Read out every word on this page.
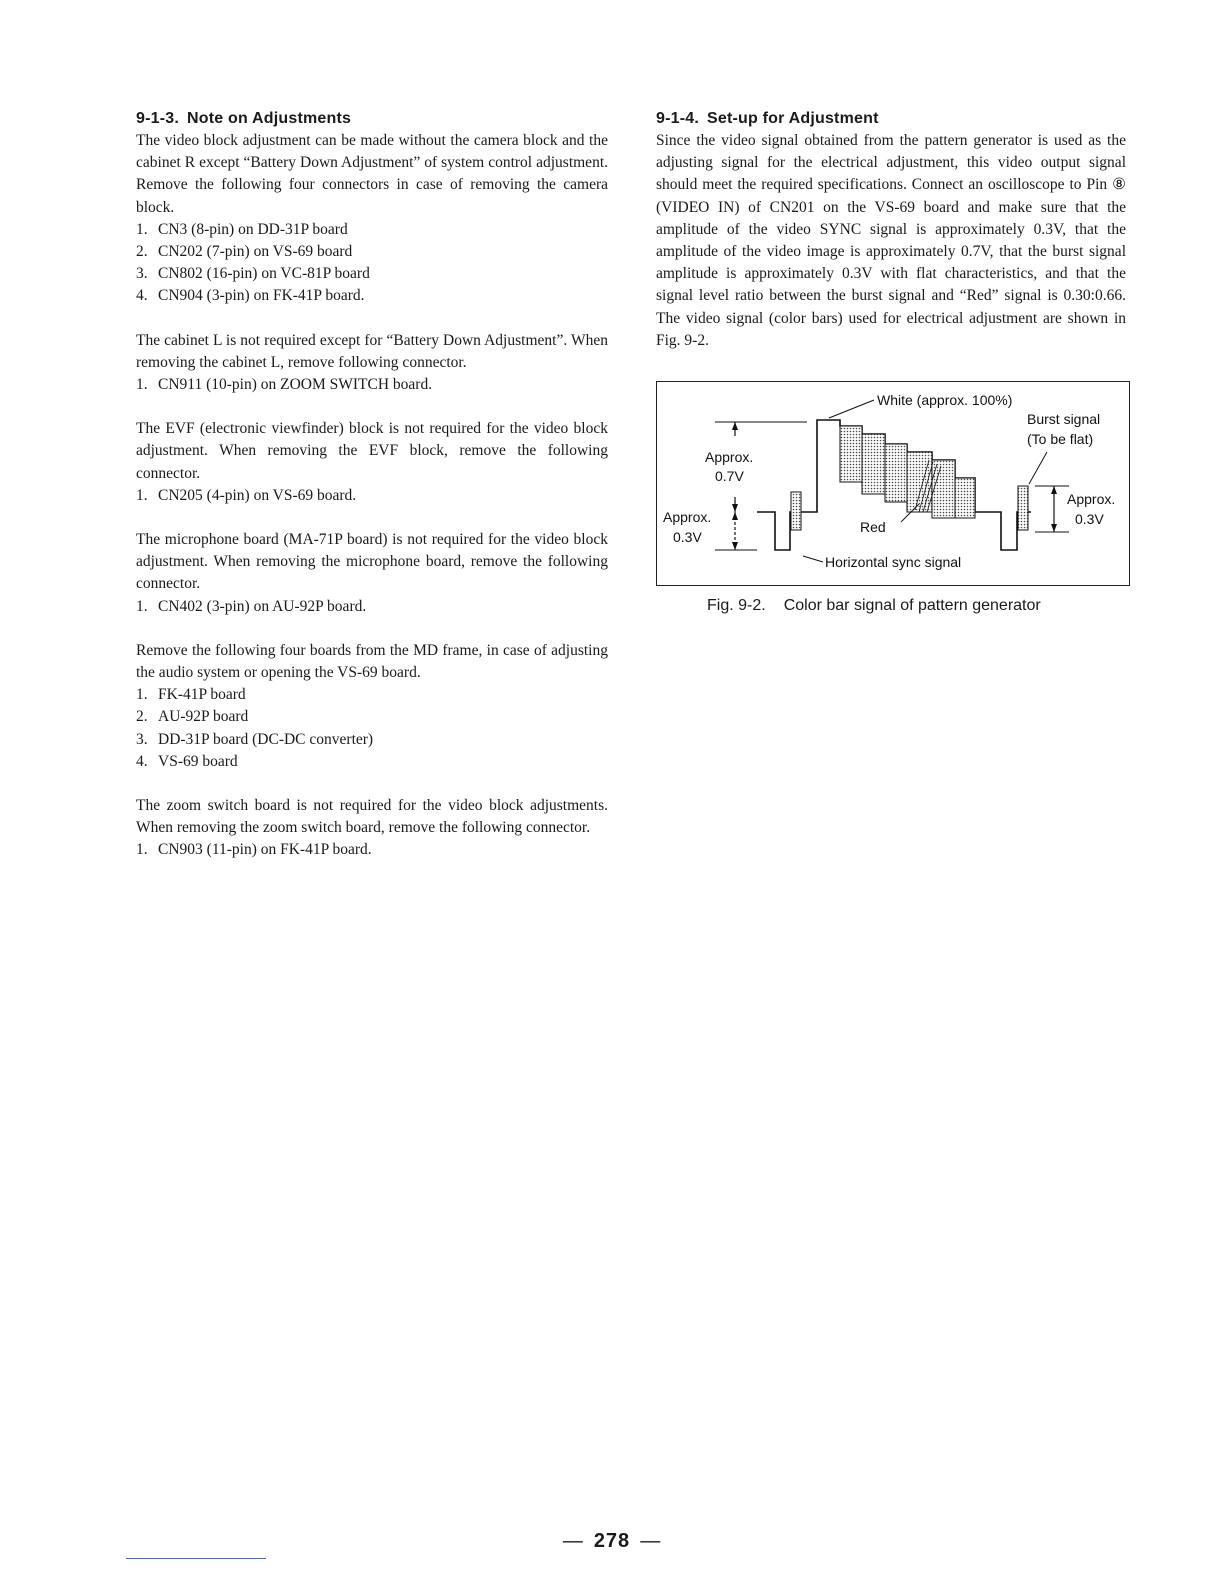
9-1-3. Note on Adjustments

The video block adjustment can be made without the camera block and the cabinet R except “Battery Down Adjustment” of system control adjustment. Remove the following four connectors in case of removing the camera block.

1. CN3 (8-pin) on DD-31P board
2. CN202 (7-pin) on VS-69 board
3. CN802 (16-pin) on VC-81P board
4. CN904 (3-pin) on FK-41P board.

The cabinet L is not required except for “Battery Down Adjustment”. When removing the cabinet L, remove following connector.

1. CN911 (10-pin) on ZOOM SWITCH board.

The EVF (electronic viewfinder) block is not required for the video block adjustment. When removing the EVF block, remove the following connector.

1. CN205 (4-pin) on VS-69 board.

The microphone board (MA-71P board) is not required for the video block adjustment. When removing the microphone board, remove the following connector.

1. CN402 (3-pin) on AU-92P board.

Remove the following four boards from the MD frame, in case of adjusting the audio system or opening the VS-69 board.

1. FK-41P board
2. AU-92P board
3. DD-31P board (DC-DC converter)
4. VS-69 board

The zoom switch board is not required for the video block adjustments. When removing the zoom switch board, remove the following connector.

1. CN903 (11-pin) on FK-41P board.
9-1-4. Set-up for Adjustment

Since the video signal obtained from the pattern generator is used as the adjusting signal for the electrical adjustment, this video output signal should meet the required specifications. Connect an oscilloscope to Pin ⑧ (VIDEO IN) of CN201 on the VS-69 board and make sure that the amplitude of the video SYNC signal is approximately 0.3V, that the amplitude of the video image is approximately 0.7V, that the burst signal amplitude is approximately 0.3V with flat characteristics, and that the signal level ratio between the burst signal and “Red” signal is 0.30:0.66. The video signal (color bars) used for electrical adjustment are shown in Fig. 9-2.

White (approx. 100%)
Burst signal
(To be flat)
Approx.
0.7V
Approx.
0.3V
Red
Horizontal sync signal
Approx.
0.3V
Fig. 9-2. Color bar signal of pattern generator
— 278 —
